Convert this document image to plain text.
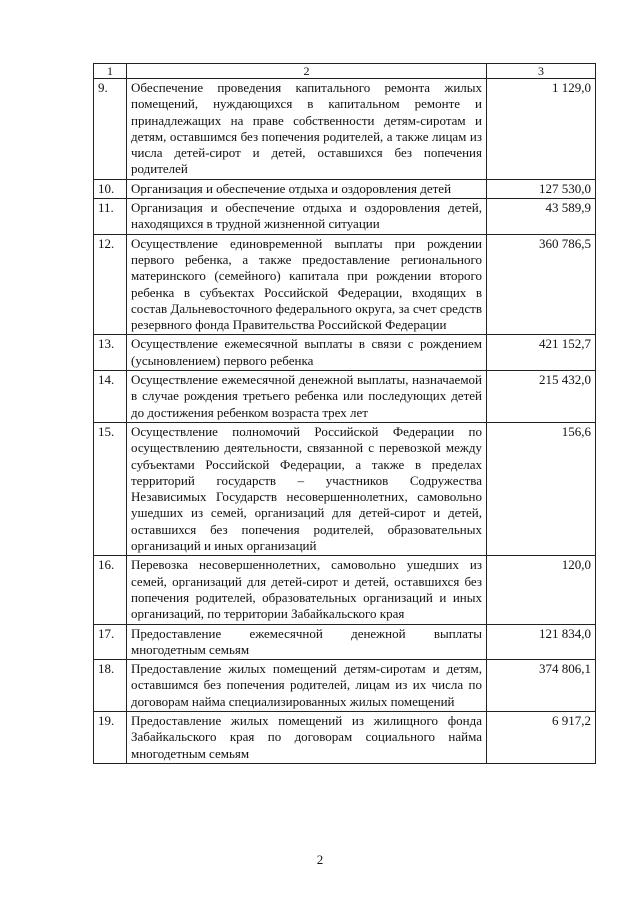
1	2	3
9.	Обеспечение проведения капитального ремонта жилых помещений, нуждающихся в капитальном ремонте и принадлежащих на праве собственности детям-сиротам и детям, оставшимся без попечения родителей, а также лицам из числа детей-сирот и детей, оставшихся без попечения родителей	1 129,0
10.	Организация и обеспечение отдыха и оздоровления детей	127 530,0
11.	Организация и обеспечение отдыха и оздоровления детей, находящихся в трудной жизненной ситуации	43 589,9
12.	Осуществление единовременной выплаты при рождении первого ребенка, а также предоставление регионального материнского (семейного) капитала при рождении второго ребенка в субъектах Российской Федерации, входящих в состав Дальневосточного федерального округа, за счет средств резервного фонда Правительства Российской Федерации	360 786,5
13.	Осуществление ежемесячной выплаты в связи с рождением (усыновлением) первого ребенка	421 152,7
14.	Осуществление ежемесячной денежной выплаты, назначаемой в случае рождения третьего ребенка или последующих детей до достижения ребенком возраста трех лет	215 432,0
15.	Осуществление полномочий Российской Федерации по осуществлению деятельности, связанной с перевозкой между субъектами Российской Федерации, а также в пределах территорий государств – участников Содружества Независимых Государств несовершеннолетних, самовольно ушедших из семей, организаций для детей-сирот и детей, оставшихся без попечения родителей, образовательных организаций и иных организаций	156,6
16.	Перевозка несовершеннолетних, самовольно ушедших из семей, организаций для детей-сирот и детей, оставшихся без попечения родителей, образовательных организаций и иных организаций, по территории Забайкальского края	120,0
17.	Предоставление ежемесячной денежной выплаты многодетным семьям	121 834,0
18.	Предоставление жилых помещений детям-сиротам и детям, оставшимся без попечения родителей, лицам из их числа по договорам найма специализированных жилых помещений	374 806,1
19.	Предоставление жилых помещений из жилищного фонда Забайкальского края по договорам социального найма многодетным семьям	6 917,2
2
